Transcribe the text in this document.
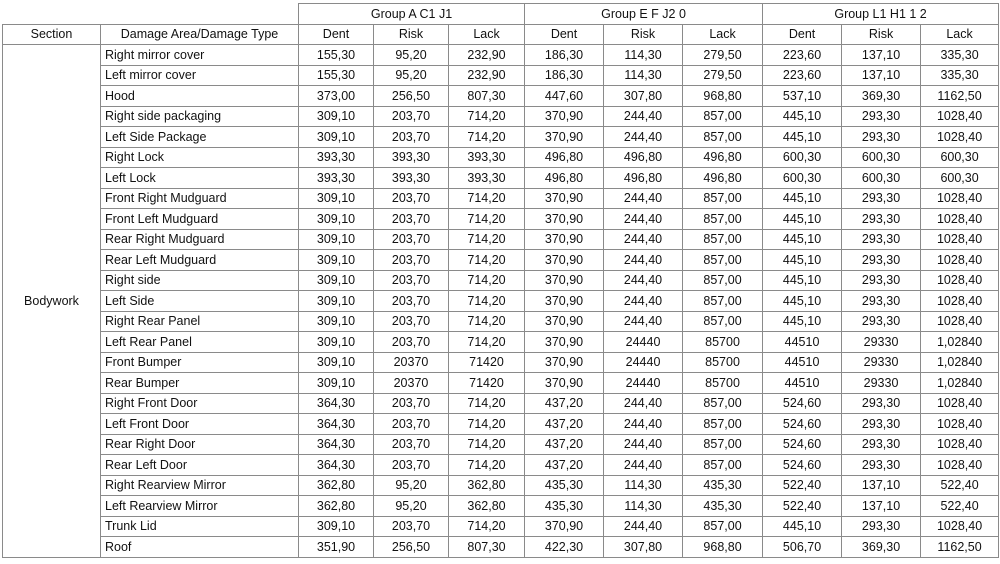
		Group A C1 J1			Group E F J2 0			Group L1 H1 1 2		
Section	Damage Area/Damage Type	Dent	Risk	Lack	Dent	Risk	Lack	Dent	Risk	Lack
Bodywork	Right mirror cover	155,30	95,20	232,90	186,30	114,30	279,50	223,60	137,10	335,30
	Left mirror cover	155,30	95,20	232,90	186,30	114,30	279,50	223,60	137,10	335,30
	Hood	373,00	256,50	807,30	447,60	307,80	968,80	537,10	369,30	1162,50
	Right side packaging	309,10	203,70	714,20	370,90	244,40	857,00	445,10	293,30	1028,40
	Left Side Package	309,10	203,70	714,20	370,90	244,40	857,00	445,10	293,30	1028,40
	Right Lock	393,30	393,30	393,30	496,80	496,80	496,80	600,30	600,30	600,30
	Left Lock	393,30	393,30	393,30	496,80	496,80	496,80	600,30	600,30	600,30
	Front Right Mudguard	309,10	203,70	714,20	370,90	244,40	857,00	445,10	293,30	1028,40
	Front Left Mudguard	309,10	203,70	714,20	370,90	244,40	857,00	445,10	293,30	1028,40
	Rear Right Mudguard	309,10	203,70	714,20	370,90	244,40	857,00	445,10	293,30	1028,40
	Rear Left Mudguard	309,10	203,70	714,20	370,90	244,40	857,00	445,10	293,30	1028,40
	Right side	309,10	203,70	714,20	370,90	244,40	857,00	445,10	293,30	1028,40
	Left Side	309,10	203,70	714,20	370,90	244,40	857,00	445,10	293,30	1028,40
	Right Rear Panel	309,10	203,70	714,20	370,90	244,40	857,00	445,10	293,30	1028,40
	Left Rear Panel	309,10	203,70	714,20	370,90	24440	85700	44510	29330	1,02840
	Front Bumper	309,10	20370	71420	370,90	24440	85700	44510	29330	1,02840
	Rear Bumper	309,10	20370	71420	370,90	24440	85700	44510	29330	1,02840
	Right Front Door	364,30	203,70	714,20	437,20	244,40	857,00	524,60	293,30	1028,40
	Left Front Door	364,30	203,70	714,20	437,20	244,40	857,00	524,60	293,30	1028,40
	Rear Right Door	364,30	203,70	714,20	437,20	244,40	857,00	524,60	293,30	1028,40
	Rear Left Door	364,30	203,70	714,20	437,20	244,40	857,00	524,60	293,30	1028,40
	Right Rearview Mirror	362,80	95,20	362,80	435,30	114,30	435,30	522,40	137,10	522,40
	Left Rearview Mirror	362,80	95,20	362,80	435,30	114,30	435,30	522,40	137,10	522,40
	Trunk Lid	309,10	203,70	714,20	370,90	244,40	857,00	445,10	293,30	1028,40
	Roof	351,90	256,50	807,30	422,30	307,80	968,80	506,70	369,30	1162,50
